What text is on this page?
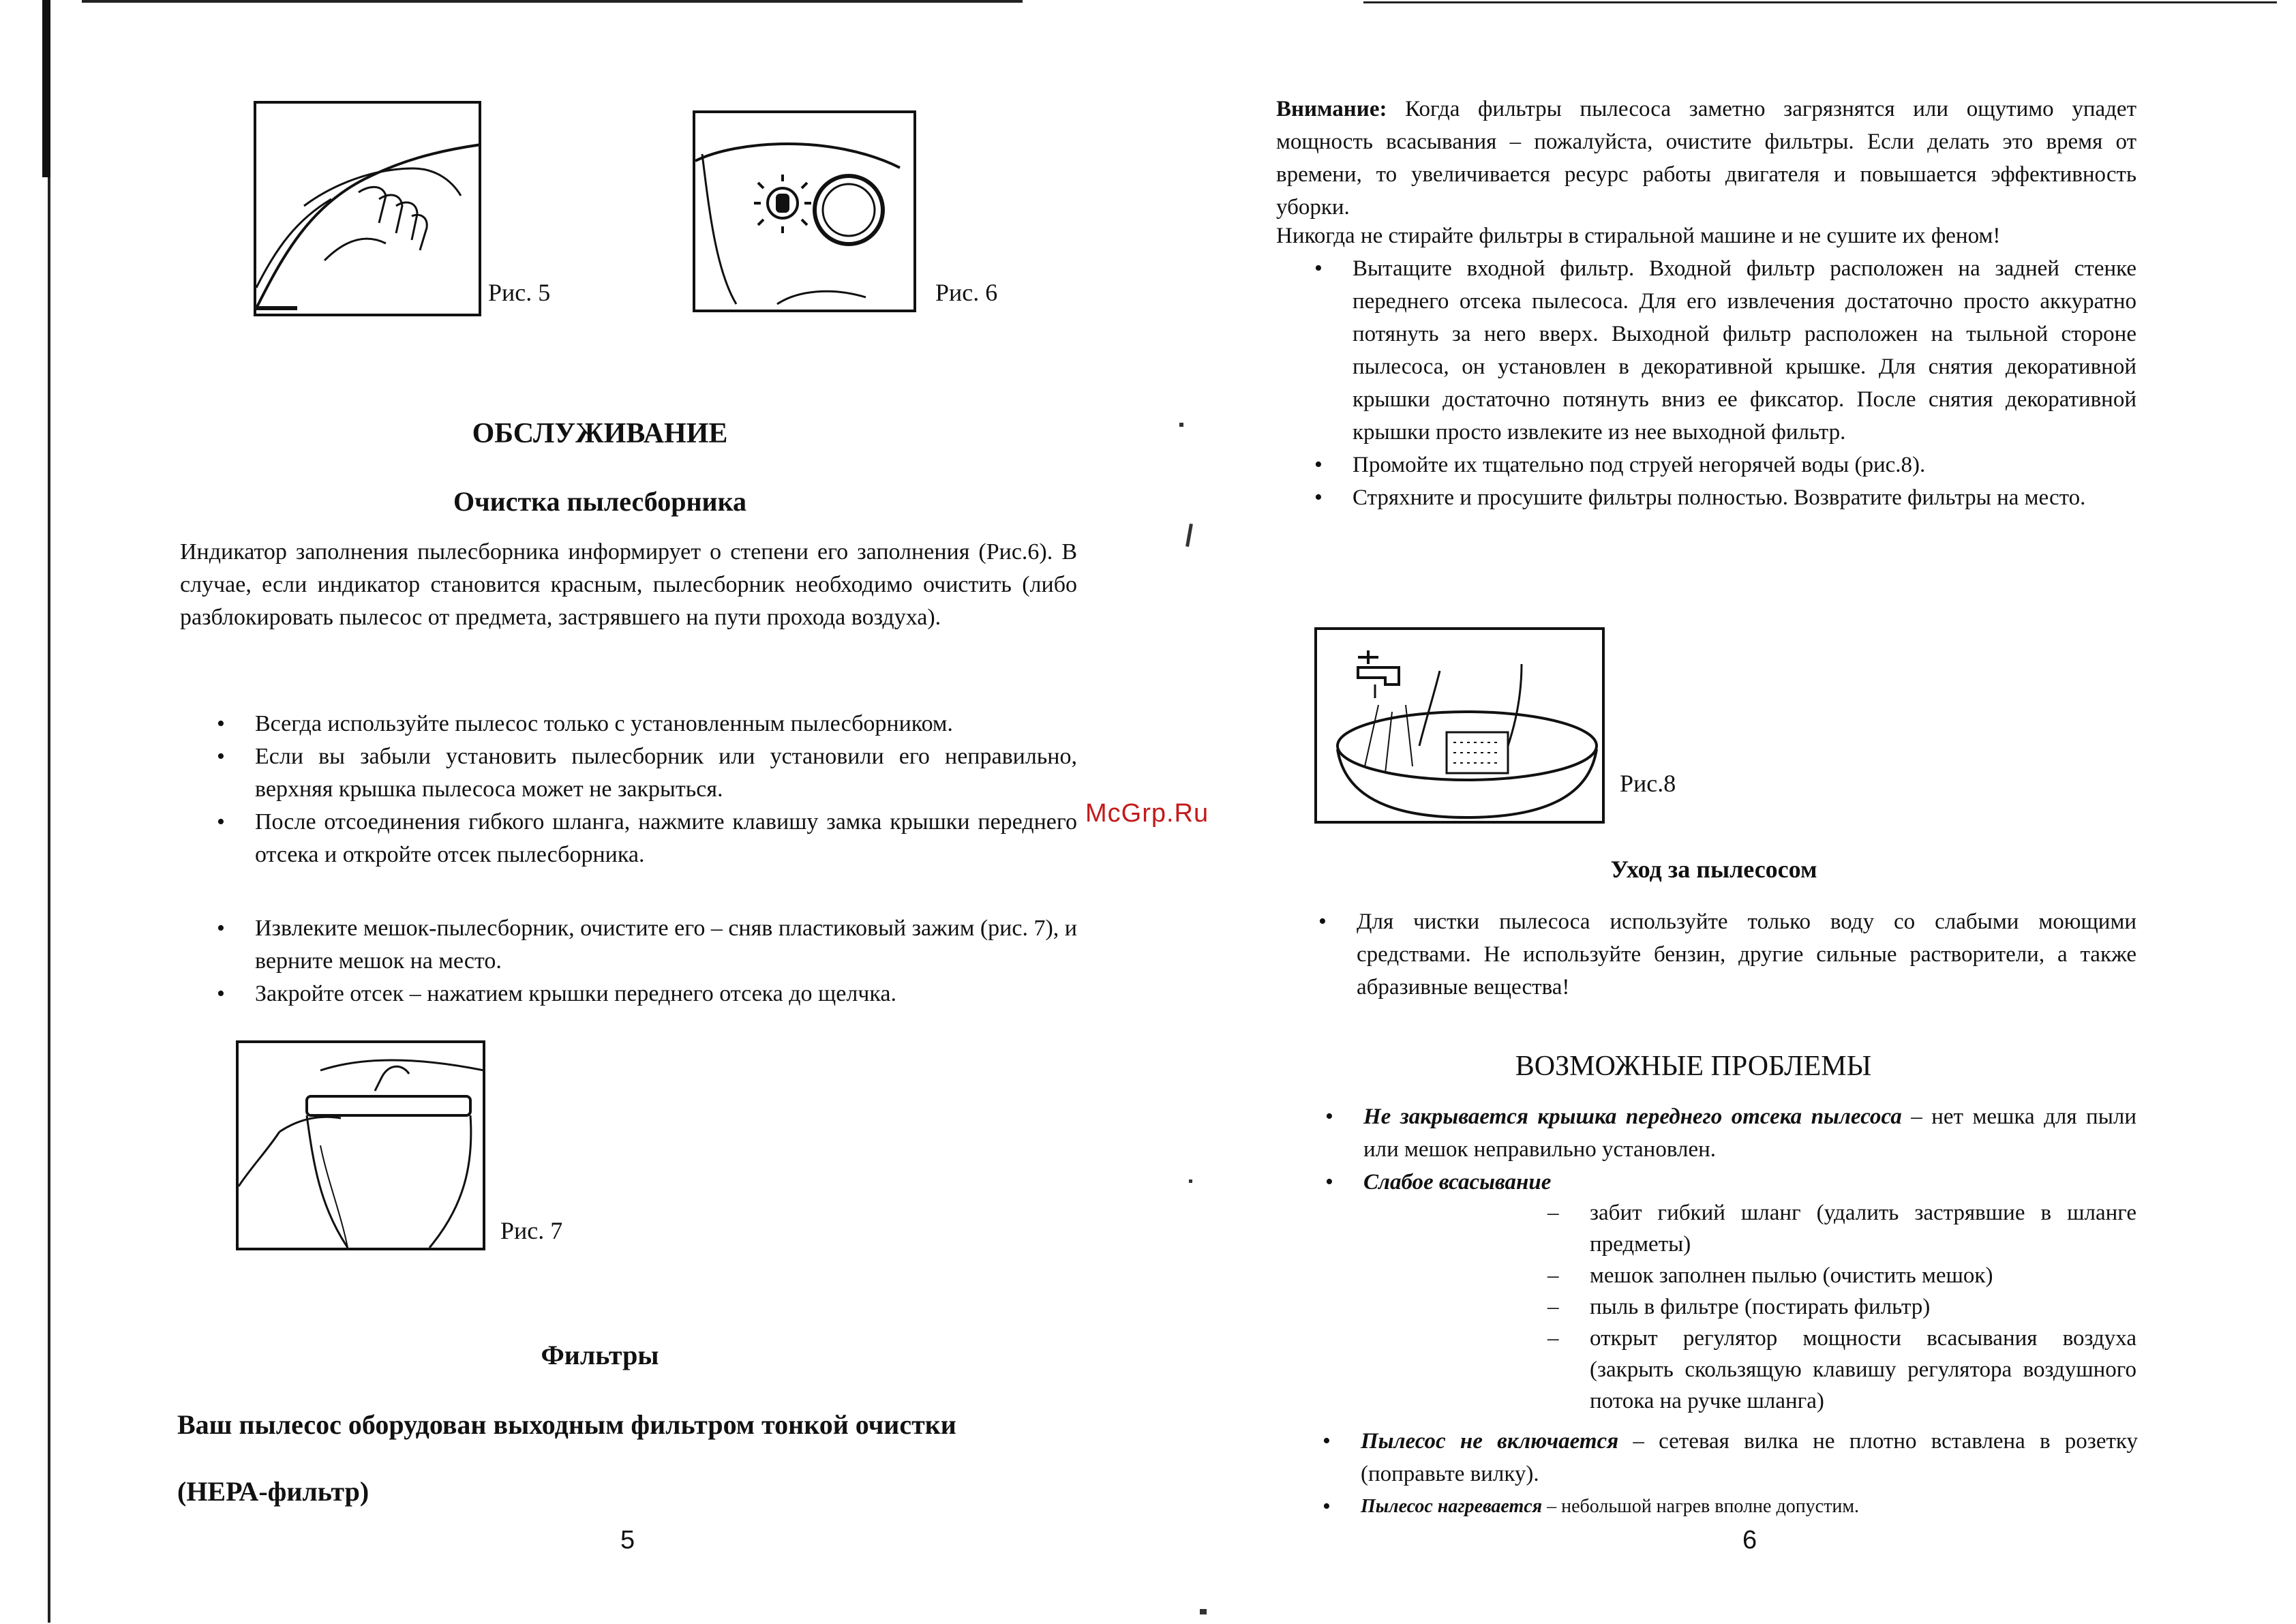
Рис. 5	Рис. 6
ОБСЛУЖИВАНИЕ
Очистка пылесборника
Индикатор заполнения пылесборника информирует о степени его заполнения (Рис.6). В случае, если индикатор становится красным, пылесборник необходимо очистить (либо разблокировать пылесос от предмета, застрявшего на пути прохода воздуха).
• Всегда используйте пылесос только с установленным пылесборником.
• Если вы забыли установить пылесборник или установили его неправильно, верхняя крышка пылесоса может не закрыться.
• После отсоединения гибкого шланга, нажмите клавишу замка крышки переднего отсека и откройте отсек пылесборника.
• Извлеките мешок-пылесборник, очистите его – сняв пластиковый зажим (рис. 7), и верните мешок на место.
• Закройте отсек – нажатием крышки переднего отсека до щелчка.
Рис. 7
Фильтры
Ваш пылесос оборудован выходным фильтром тонкой очистки
(НЕРА-фильтр)
5
McGrp.Ru
Внимание: Когда фильтры пылесоса заметно загрязнятся или ощутимо упадет мощность всасывания – пожалуйста, очистите фильтры. Если делать это время от времени, то увеличивается ресурс работы двигателя и повышается эффективность уборки.
Никогда не стирайте фильтры в стиральной машине и не сушите их феном!
• Вытащите входной фильтр. Входной фильтр расположен на задней стенке переднего отсека пылесоса. Для его извлечения достаточно просто аккуратно потянуть за него вверх. Выходной фильтр расположен на тыльной стороне пылесоса, он установлен в декоративной крышке. Для снятия декоративной крышки достаточно потянуть вниз ее фиксатор. После снятия декоративной крышки просто извлеките из нее выходной фильтр.
• Промойте их тщательно под струей негорячей воды (рис.8).
• Стряхните и просушите фильтры полностью. Возвратите фильтры на место.
Рис.8
Уход за пылесосом
• Для чистки пылесоса используйте только воду со слабыми моющими средствами. Не используйте бензин, другие сильные растворители, а также абразивные вещества!
ВОЗМОЖНЫЕ ПРОБЛЕМЫ
• Не закрывается крышка переднего отсека пылесоса – нет мешка для пыли или мешок неправильно установлен.
• Слабое всасывание
– забит гибкий шланг (удалить застрявшие в шланге предметы)
– мешок заполнен пылью (очистить мешок)
– пыль в фильтре (постирать фильтр)
– открыт регулятор мощности всасывания воздуха (закрыть скользящую клавишу регулятора воздушного потока на ручке шланга)
• Пылесос не включается – сетевая вилка не плотно вставлена в розетку (поправьте вилку).
• Пылесос нагревается – небольшой нагрев вполне допустим.
6
